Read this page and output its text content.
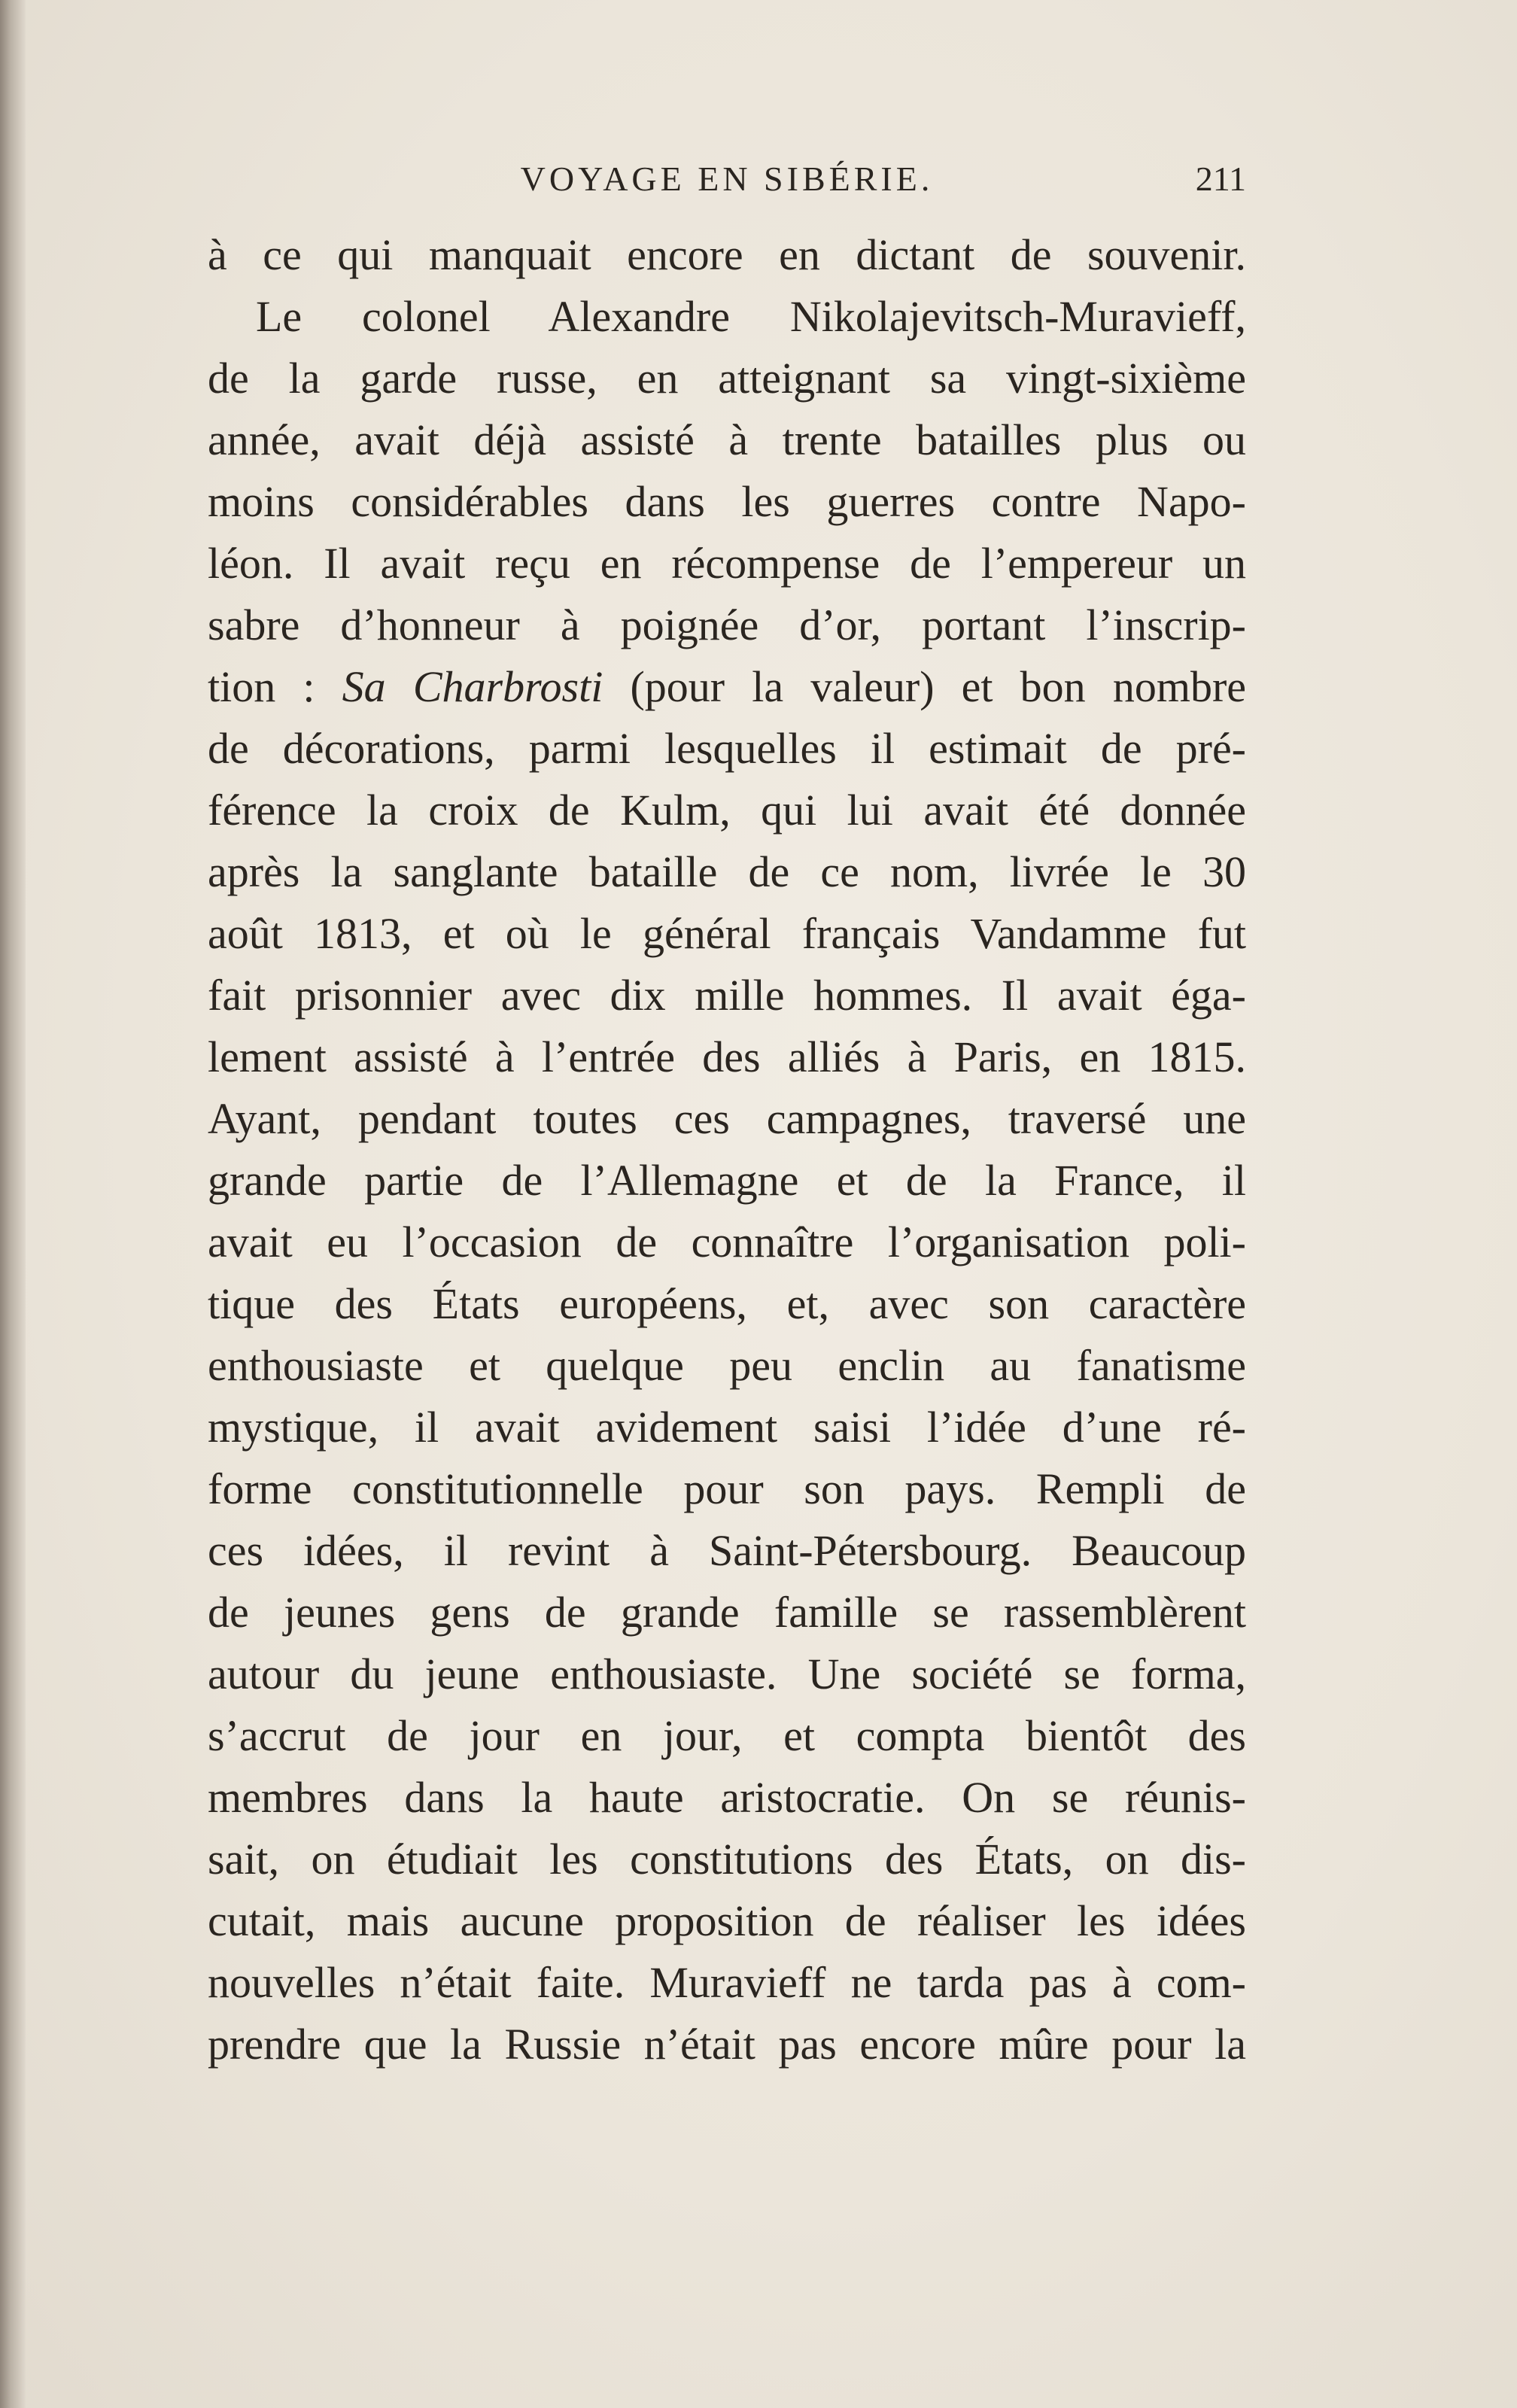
VOYAGE EN SIBÉRIE.	211
à ce qui manquait encore en dictant de souvenir.
Le colonel Alexandre Nikolajevitsch-Muravieff,
de la garde russe, en atteignant sa vingt-sixième
année, avait déjà assisté à trente batailles plus ou
moins considérables dans les guerres contre Napo-
léon. Il avait reçu en récompense de l’empereur un
sabre d’honneur à poignée d’or, portant l’inscrip-
tion : Sa Charbrosti (pour la valeur) et bon nombre
de décorations, parmi lesquelles il estimait de pré-
férence la croix de Kulm, qui lui avait été donnée
après la sanglante bataille de ce nom, livrée le 30
août 1813, et où le général français Vandamme fut
fait prisonnier avec dix mille hommes. Il avait éga-
lement assisté à l’entrée des alliés à Paris, en 1815.
Ayant, pendant toutes ces campagnes, traversé une
grande partie de l’Allemagne et de la France, il
avait eu l’occasion de connaître l’organisation poli-
tique des États européens, et, avec son caractère
enthousiaste et quelque peu enclin au fanatisme
mystique, il avait avidement saisi l’idée d’une ré-
forme constitutionnelle pour son pays. Rempli de
ces idées, il revint à Saint-Pétersbourg. Beaucoup
de jeunes gens de grande famille se rassemblèrent
autour du jeune enthousiaste. Une société se forma,
s’accrut de jour en jour, et compta bientôt des
membres dans la haute aristocratie. On se réunis-
sait, on étudiait les constitutions des États, on dis-
cutait, mais aucune proposition de réaliser les idées
nouvelles n’était faite. Muravieff ne tarda pas à com-
prendre que la Russie n’était pas encore mûre pour la
